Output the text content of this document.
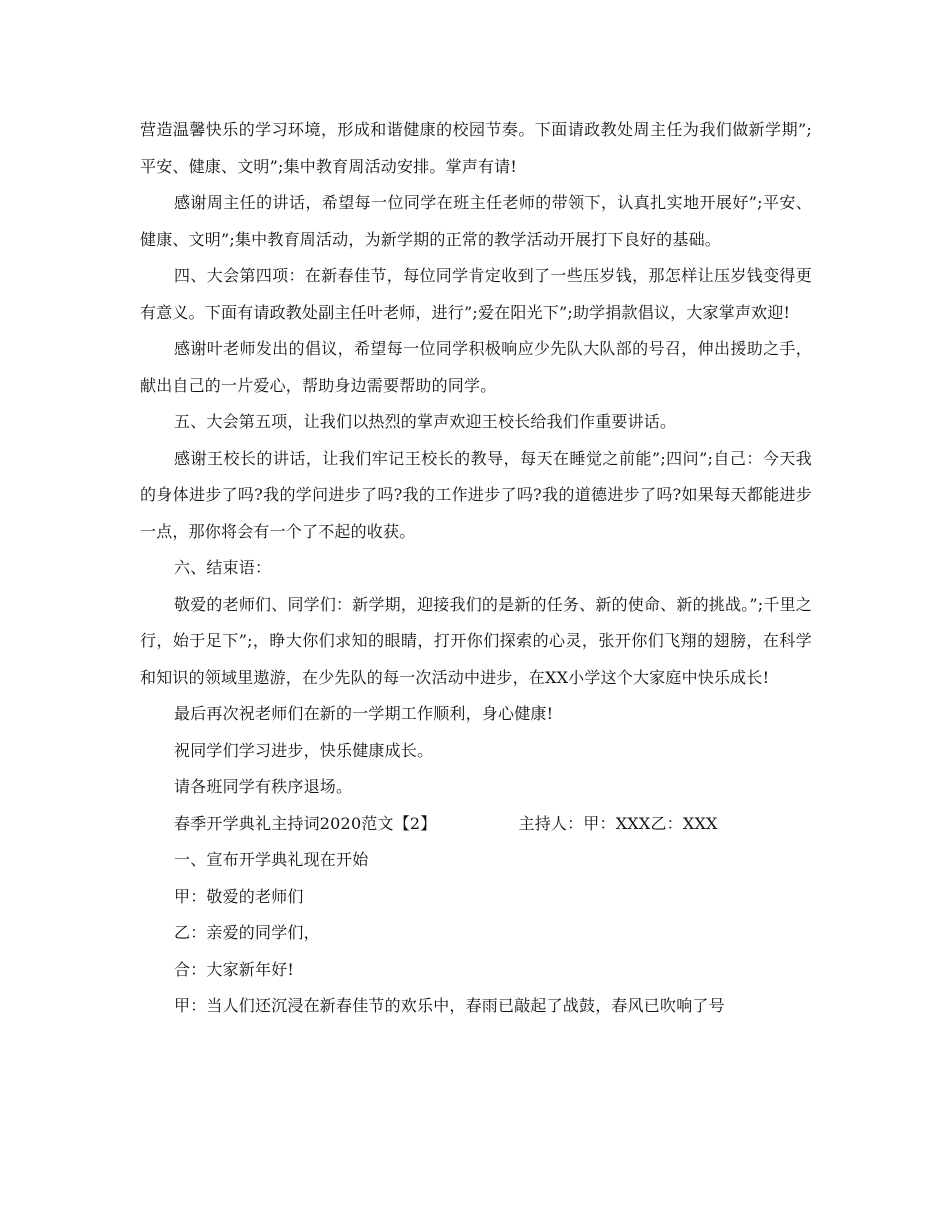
营造温馨快乐的学习环境，形成和谐健康的校园节奏。下面请政教处周主任为我们做新学期”;平安、健康、文明”;集中教育周活动安排。掌声有请!

感谢周主任的讲话，希望每一位同学在班主任老师的带领下，认真扎实地开展好”;平安、健康、文明”;集中教育周活动，为新学期的正常的教学活动开展打下良好的基础。

四、大会第四项：在新春佳节，每位同学肯定收到了一些压岁钱，那怎样让压岁钱变得更有意义。下面有请政教处副主任叶老师，进行”;爱在阳光下”;助学捐款倡议，大家掌声欢迎!

感谢叶老师发出的倡议，希望每一位同学积极响应少先队大队部的号召，伸出援助之手，献出自己的一片爱心，帮助身边需要帮助的同学。

五、大会第五项，让我们以热烈的掌声欢迎王校长给我们作重要讲话。

感谢王校长的讲话，让我们牢记王校长的教导，每天在睡觉之前能”;四问”;自己：今天我的身体进步了吗?我的学问进步了吗?我的工作进步了吗?我的道德进步了吗?如果每天都能进步一点，那你将会有一个了不起的收获。

六、结束语：

敬爱的老师们、同学们：新学期，迎接我们的是新的任务、新的使命、新的挑战。”;千里之行，始于足下”;，睁大你们求知的眼睛，打开你们探索的心灵，张开你们飞翔的翅膀，在科学和知识的领域里遨游，在少先队的每一次活动中进步，在XX小学这个大家庭中快乐成长!

最后再次祝老师们在新的一学期工作顺利，身心健康!

祝同学们学习进步，快乐健康成长。

请各班同学有秩序退场。

春季开学典礼主持词2020范文【2】	主持人：甲：XXX乙：XXX

一、宣布开学典礼现在开始

甲：敬爱的老师们

乙：亲爱的同学们，

合：大家新年好!

甲：当人们还沉浸在新春佳节的欢乐中，春雨已敲起了战鼓，春风已吹响了号
